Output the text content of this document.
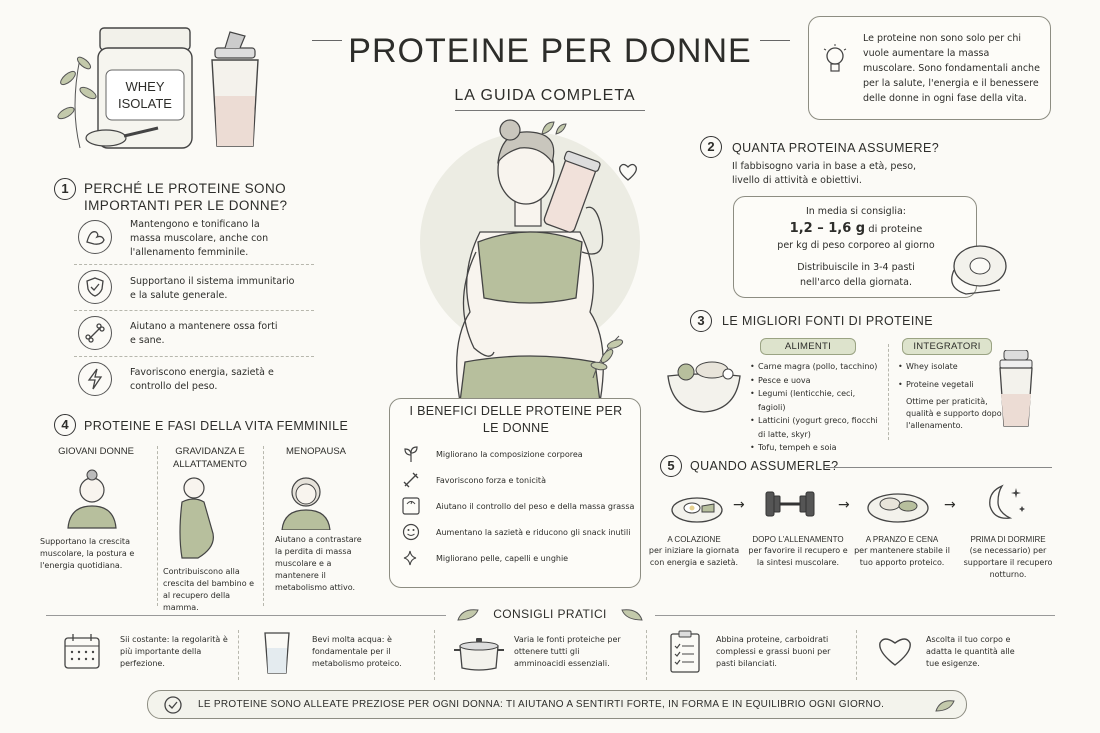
WHEY
ISOLATE
PROTEINE PER DONNE
LA GUIDA COMPLETA
Le proteine non sono solo per chi vuole aumentare la massa muscolare. Sono fondamentali anche per la salute, l'energia e il benessere delle donne in ogni fase della vita.
1	PERCHÉ LE PROTEINE SONO IMPORTANTI PER LE DONNE?
Mantengono e tonificano la massa muscolare, anche con l'allenamento femminile.
Supportano il sistema immunitario e la salute generale.
Aiutano a mantenere ossa forti e sane.
Favoriscono energia, sazietà e controllo del peso.
4	PROTEINE E FASI DELLA VITA FEMMINILE
GIOVANI DONNE
Supportano la crescita muscolare, la postura e l'energia quotidiana.
GRAVIDANZA E ALLATTAMENTO
Contribuiscono alla crescita del bambino e al recupero della mamma.
MENOPAUSA
Aiutano a contrastare la perdita di massa muscolare e a mantenere il metabolismo attivo.
I BENEFICI DELLE PROTEINE PER LE DONNE
Migliorano la composizione corporea
Favoriscono forza e tonicità
Aiutano il controllo del peso e della massa grassa
Aumentano la sazietà e riducono gli snack inutili
Migliorano pelle, capelli e unghie
2	QUANTA PROTEINA ASSUMERE?
Il fabbisogno varia in base a età, peso, livello di attività e obiettivi.
In media si consiglia:
1,2 – 1,6 g di proteine
per kg di peso corporeo al giorno
Distribuiscile in 3-4 pasti
nell'arco della giornata.
3	LE MIGLIORI FONTI DI PROTEINE
ALIMENTI
• Carne magra (pollo, tacchino)
• Pesce e uova
• Legumi (lenticchie, ceci, fagioli)
• Latticini (yogurt greco, fiocchi di latte, skyr)
• Tofu, tempeh e soia
INTEGRATORI
• Whey isolate
• Proteine vegetali
Ottime per praticità, qualità e supporto dopo l'allenamento.
5	QUANDO ASSUMERLE?
→	→	→
A COLAZIONE
per iniziare la giornata con energia e sazietà.
DOPO L'ALLENAMENTO
per favorire il recupero e la sintesi muscolare.
A PRANZO E CENA
per mantenere stabile il tuo apporto proteico.
PRIMA DI DORMIRE
(se necessario) per supportare il recupero notturno.
CONSIGLI PRATICI
Sii costante: la regolarità è più importante della perfezione.
Bevi molta acqua: è fondamentale per il metabolismo proteico.
Varia le fonti proteiche per ottenere tutti gli amminoacidi essenziali.
Abbina proteine, carboidrati complessi e grassi buoni per pasti bilanciati.
Ascolta il tuo corpo e adatta le quantità alle tue esigenze.
LE PROTEINE SONO ALLEATE PREZIOSE PER OGNI DONNA: TI AIUTANO A SENTIRTI FORTE, IN FORMA E IN EQUILIBRIO OGNI GIORNO.
